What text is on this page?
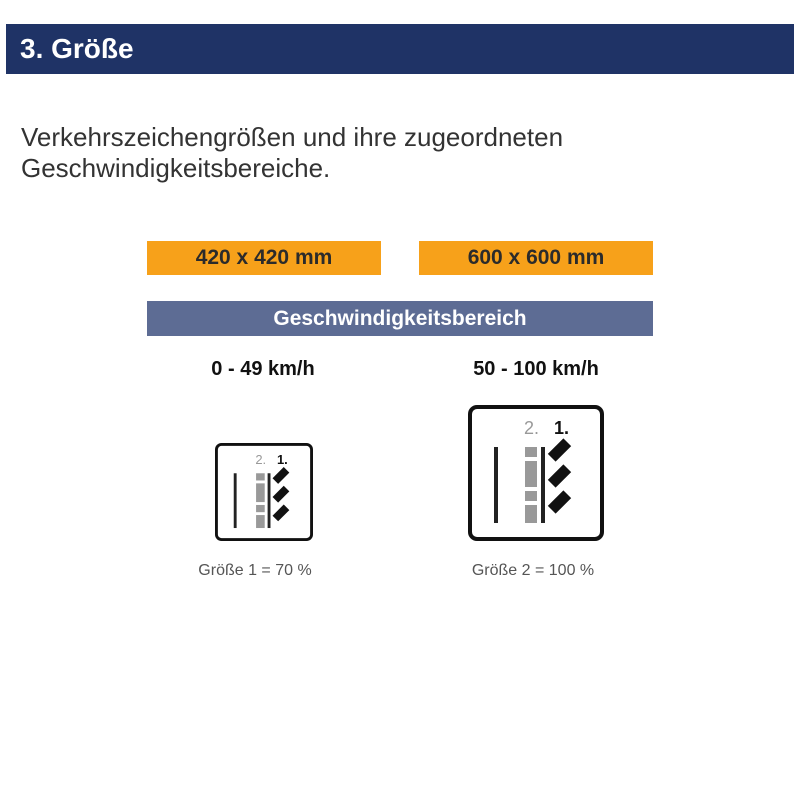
3. Größe
Verkehrszeichengrößen und ihre zugeordneten Geschwindigkeitsbereiche.
420 x 420 mm	600 x 600 mm
Geschwindigkeitsbereich
0 - 49 km/h	50 - 100 km/h
2. 1.
2. 1.
Größe 1 = 70 %	Größe 2 = 100 %
